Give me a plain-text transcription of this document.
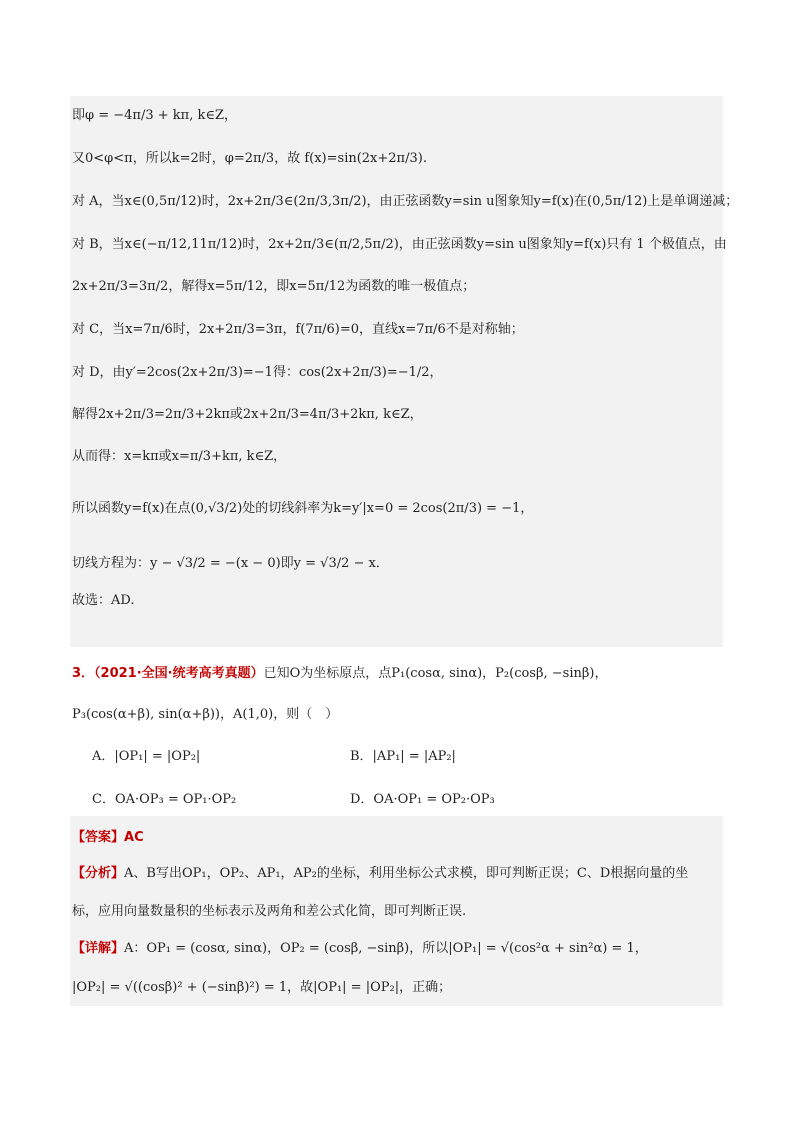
即φ = −4π/3 + kπ, k∈Z，
又0<φ<π，所以k=2时，φ=2π/3，故 f(x)=sin(2x+2π/3).
对 A，当x∈(0,5π/12)时，2x+2π/3∈(2π/3,3π/2)，由正弦函数y=sin u图象知y=f(x)在(0,5π/12)上是单调递减；
对 B，当x∈(−π/12,11π/12)时，2x+2π/3∈(π/2,5π/2)，由正弦函数y=sin u图象知y=f(x)只有 1 个极值点，由
2x+2π/3=3π/2，解得x=5π/12，即x=5π/12为函数的唯一极值点；
对 C，当x=7π/6时，2x+2π/3=3π，f(7π/6)=0，直线x=7π/6不是对称轴；
对 D，由y′=2cos(2x+2π/3)=−1得：cos(2x+2π/3)=−1/2，
解得2x+2π/3=2π/3+2kπ或2x+2π/3=4π/3+2kπ, k∈Z，
从而得：x=kπ或x=π/3+kπ, k∈Z，
所以函数y=f(x)在点(0,√3/2)处的切线斜率为k=y′|x=0 = 2cos(2π/3) = −1，
切线方程为：y − √3/2 = −(x − 0)即y = √3/2 − x．
故选：AD.
3．（2021·全国·统考高考真题）已知O为坐标原点，点P₁(cosα, sinα)，P₂(cosβ, −sinβ)，
P₃(cos(α+β), sin(α+β))，A(1,0)，则（　）
A．|OP₁| = |OP₂|	B．|AP₁| = |AP₂|
C．OA·OP₃ = OP₁·OP₂	D．OA·OP₁ = OP₂·OP₃
【答案】AC
【分析】A、B写出OP₁，OP₂、AP₁，AP₂的坐标，利用坐标公式求模，即可判断正误；C、D根据向量的坐
标，应用向量数量积的坐标表示及两角和差公式化简，即可判断正误.
【详解】A：OP₁ = (cosα, sinα)，OP₂ = (cosβ, −sinβ)，所以|OP₁| = √(cos²α + sin²α) = 1，
|OP₂| = √((cosβ)² + (−sinβ)²) = 1，故|OP₁| = |OP₂|，正确；
